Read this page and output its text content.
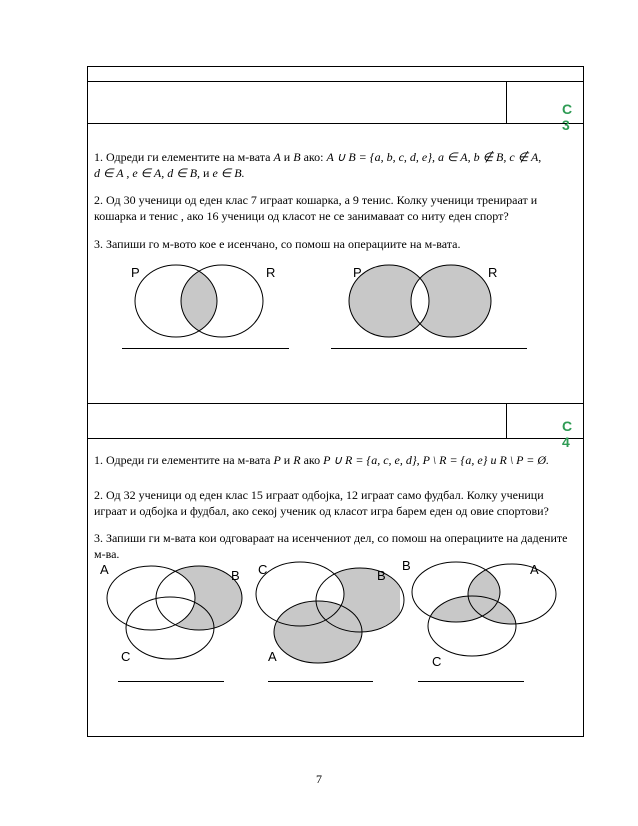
С 3
С 4
1. Одреди ги елементите на м-вата A и B ако: A ∪ B = {a, b, c, d, e}, a ∈ A, b ∉ B, c ∉ A,
d ∈ A , e ∈ A, d ∈ B, и e ∈ B.
2. Од 30 ученици од еден клас 7 играат кошарка, а 9 тенис. Колку ученици тренираат и кошарка и тенис , ако 16 ученици од класот не се занимаваат со ниту еден спорт?
3. Запиши го м-вото кое е исенчано, со помош на операциите на м-вата.
P	R	P	R
1. Одреди ги елементите на м-вата P и R ако P ∪ R = {a, c, e, d}, P \ R = {a, e} и R \ P = Ø.
2. Од 32 ученици од еден клас 15 играат одбојка, 12 играат само фудбал. Колку ученици играат и одбојка и фудбал, ако секој ученик од класот игра барем еден од овие спортови?
3. Запиши ги м-вата кои одговараат на исенчениот дел, со помош на операциите на дадените м-ва.
A	B
C
C	B
A
B	A
C
7
